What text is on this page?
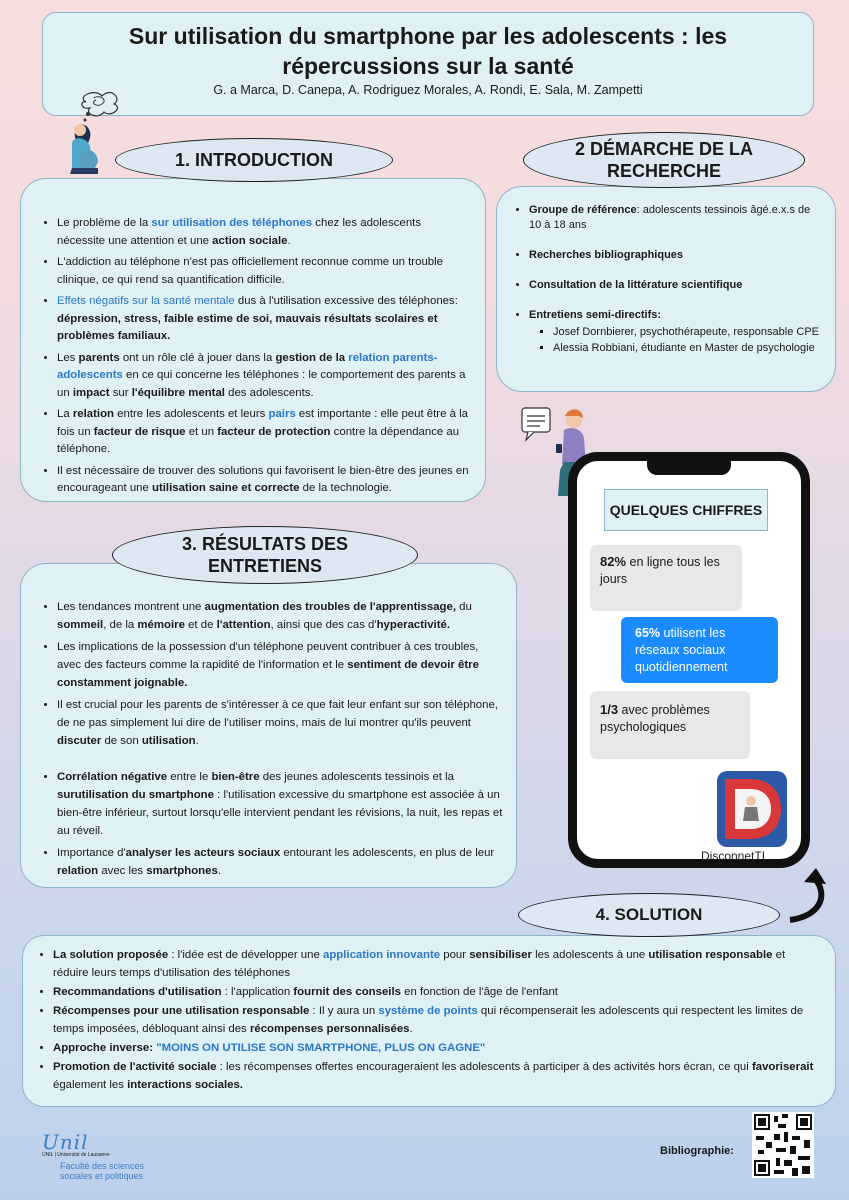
Sur utilisation du smartphone par les adolescents : les répercussions sur la santé
G. a Marca, D. Canepa, A. Rodriguez Morales, A. Rondi, E. Sala, M. Zampetti
• Le problème de la sur utilisation des téléphones chez les adolescents nécessite une attention et une action sociale.
• L'addiction au téléphone n'est pas officiellement reconnue comme un trouble clinique, ce qui rend sa quantification difficile.
• Effets négatifs sur la santé mentale dus à l'utilisation excessive des téléphones: dépression, stress, faible estime de soi, mauvais résultats scolaires et problèmes familiaux.
• Les parents ont un rôle clé à jouer dans la gestion de la relation parents-adolescents en ce qui concerne les téléphones : le comportement des parents a un impact sur l'équilibre mental des adolescents.
• La relation entre les adolescents et leurs pairs est importante : elle peut être à la fois un facteur de risque et un facteur de protection contre la dépendance au téléphone.
• Il est nécessaire de trouver des solutions qui favorisent le bien-être des jeunes en encourageant une utilisation saine et correcte de la technologie.
1. INTRODUCTION
• Groupe de référence: adolescents tessinois âgé.e.x.s de 10 à 18 ans
• Recherches bibliographiques
• Consultation de la littérature scientifique
• Entretiens semi-directifs:
▪ Josef Dornbierer, psychothérapeute, responsable CPE
▪ Alessia Robbiani, étudiante en Master de psychologie
2 DÉMARCHE DE LA
RECHERCHE
QUELQUES CHIFFRES
82% en ligne tous les jours
65% utilisent les réseaux sociaux quotidiennement
1/3 avec problèmes psychologiques
DisconnetTI
• Les tendances montrent une augmentation des troubles de l'apprentissage, du sommeil, de la mémoire et de l'attention, ainsi que des cas d'hyperactivité.
• Les implications de la possession d'un téléphone peuvent contribuer à ces troubles, avec des facteurs comme la rapidité de l'information et le sentiment de devoir être constamment joignable.
• Il est crucial pour les parents de s'intéresser à ce que fait leur enfant sur son téléphone, de ne pas simplement lui dire de l'utiliser moins, mais de lui montrer qu'ils peuvent discuter de son utilisation.
• Corrélation négative entre le bien-être des jeunes adolescents tessinois et la surutilisation du smartphone : l'utilisation excessive du smartphone est associée à un bien-être inférieur, surtout lorsqu'elle intervient pendant les révisions, la nuit, les repas et au réveil.
• Importance d'analyser les acteurs sociaux entourant les adolescents, en plus de leur relation avec les smartphones.
3. RÉSULTATS DES
ENTRETIENS
• La solution proposée : l'idée est de développer une application innovante pour sensibiliser les adolescents à une utilisation responsable et réduire leurs temps d'utilisation des téléphones
• Recommandations d'utilisation : l'application fournit des conseils en fonction de l'âge de l'enfant
• Récompenses pour une utilisation responsable : Il y aura un système de points qui récompenserait les adolescents qui respectent les limites de temps imposées, débloquant ainsi des récompenses personnalisées.
• Approche inverse: "MOINS ON UTILISE SON SMARTPHONE, PLUS ON GAGNE"
• Promotion de l'activité sociale : les récompenses offertes encourageraient les adolescents à participer à des activités hors écran, ce qui favoriserait également les interactions sociales.
4. SOLUTION
Unil
UNIL | Université de Lausanne
Faculté des sciences
sociales et politiques
Bibliographie:
